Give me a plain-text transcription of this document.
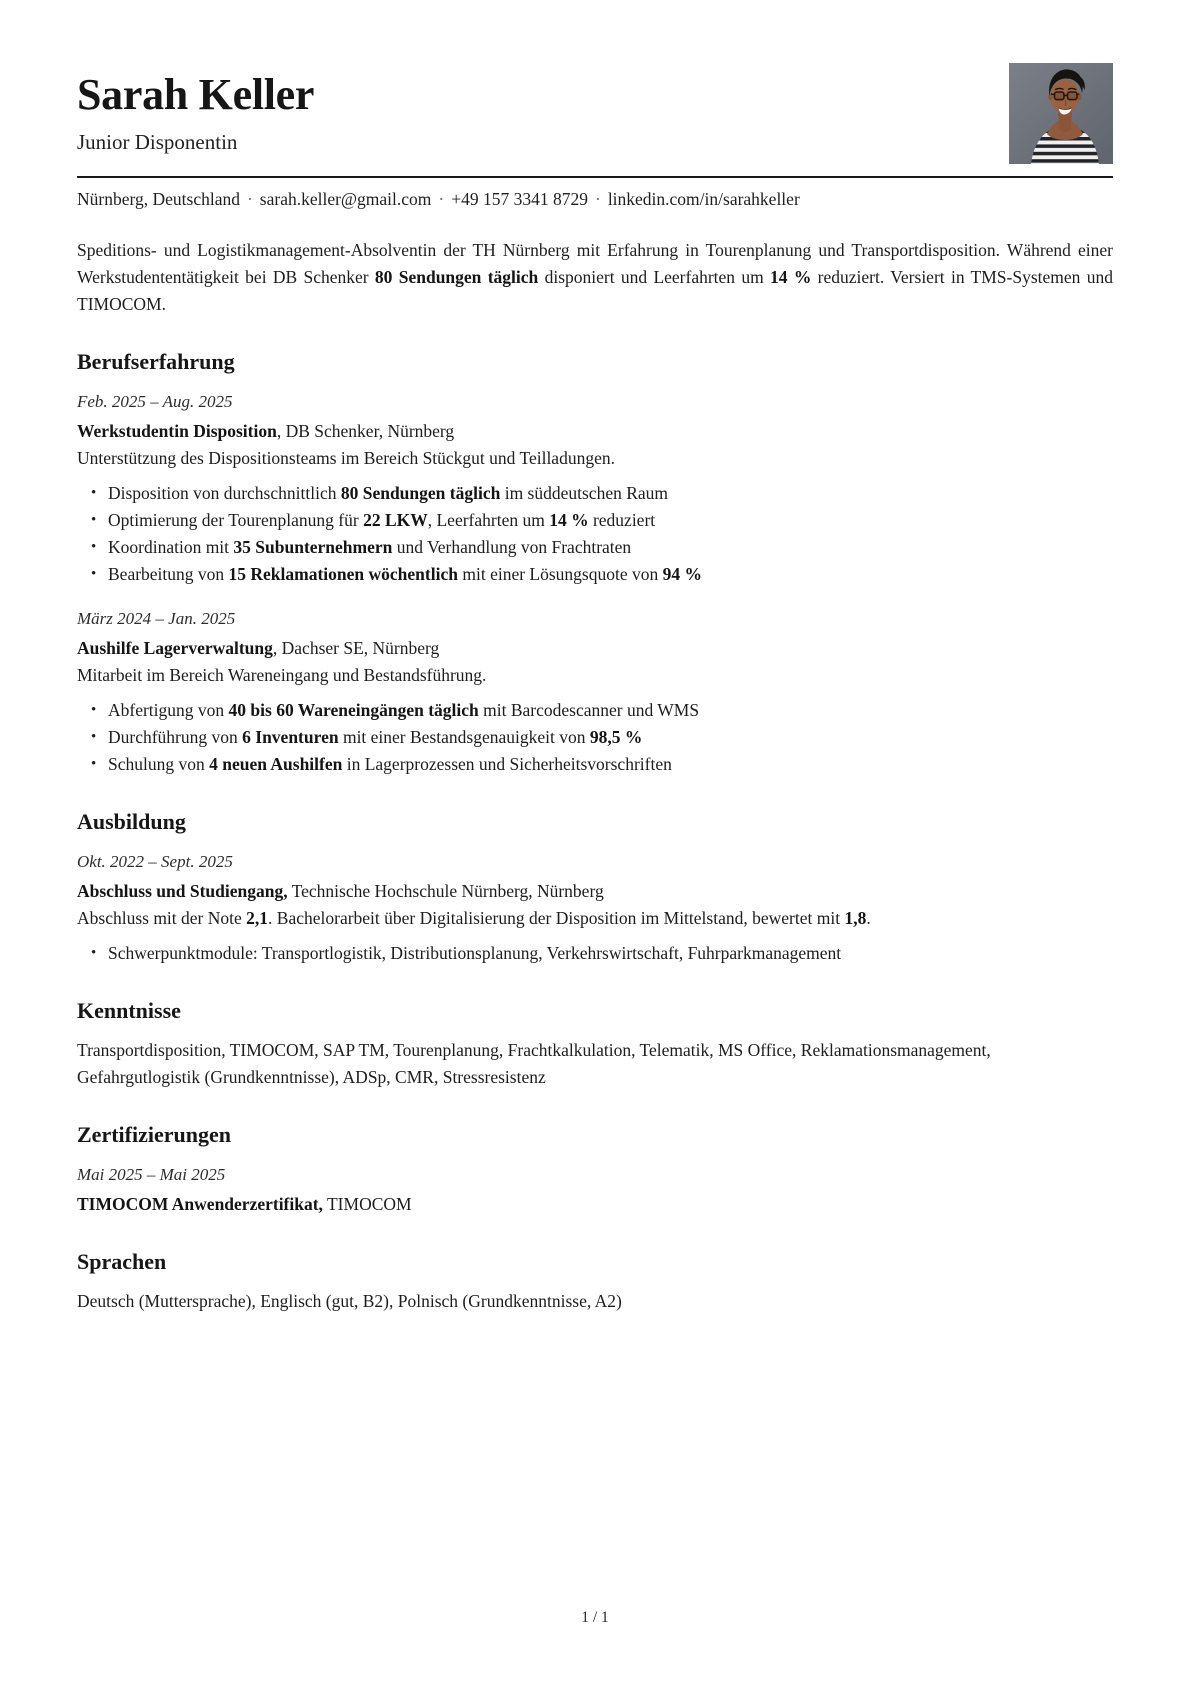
Sarah Keller
Junior Disponentin
Nürnberg, Deutschland · sarah.keller@gmail.com · +49 157 3341 8729 · linkedin.com/in/sarahkeller

Speditions- und Logistikmanagement-Absolventin der TH Nürnberg mit Erfahrung in Tourenplanung und Transportdisposition. Während einer Werkstudententätigkeit bei DB Schenker 80 Sendungen täglich disponiert und Leerfahrten um 14 % reduziert. Versiert in TMS-Systemen und TIMOCOM.

Berufserfahrung
Feb. 2025 – Aug. 2025
Werkstudentin Disposition, DB Schenker, Nürnberg
Unterstützung des Dispositionsteams im Bereich Stückgut und Teilladungen.
• Disposition von durchschnittlich 80 Sendungen täglich im süddeutschen Raum
• Optimierung der Tourenplanung für 22 LKW, Leerfahrten um 14 % reduziert
• Koordination mit 35 Subunternehmern und Verhandlung von Frachtraten
• Bearbeitung von 15 Reklamationen wöchentlich mit einer Lösungsquote von 94 %
März 2024 – Jan. 2025
Aushilfe Lagerverwaltung, Dachser SE, Nürnberg
Mitarbeit im Bereich Wareneingang und Bestandsführung.
• Abfertigung von 40 bis 60 Wareneingängen täglich mit Barcodescanner und WMS
• Durchführung von 6 Inventuren mit einer Bestandsgenauigkeit von 98,5 %
• Schulung von 4 neuen Aushilfen in Lagerprozessen und Sicherheitsvorschriften
Ausbildung
Okt. 2022 – Sept. 2025
Abschluss und Studiengang, Technische Hochschule Nürnberg, Nürnberg
Abschluss mit der Note 2,1. Bachelorarbeit über Digitalisierung der Disposition im Mittelstand, bewertet mit 1,8.
• Schwerpunktmodule: Transportlogistik, Distributionsplanung, Verkehrswirtschaft, Fuhrparkmanagement
Kenntnisse

Transportdisposition, TIMOCOM, SAP TM, Tourenplanung, Frachtkalkulation, Telematik, MS Office, Reklamationsmanagement, Gefahrgutlogistik (Grundkenntnisse), ADSp, CMR, Stressresistenz

Zertifizierungen
Mai 2025 – Mai 2025
TIMOCOM Anwenderzertifikat, TIMOCOM
Sprachen

Deutsch (Muttersprache), Englisch (gut, B2), Polnisch (Grundkenntnisse, A2)

1 / 1
